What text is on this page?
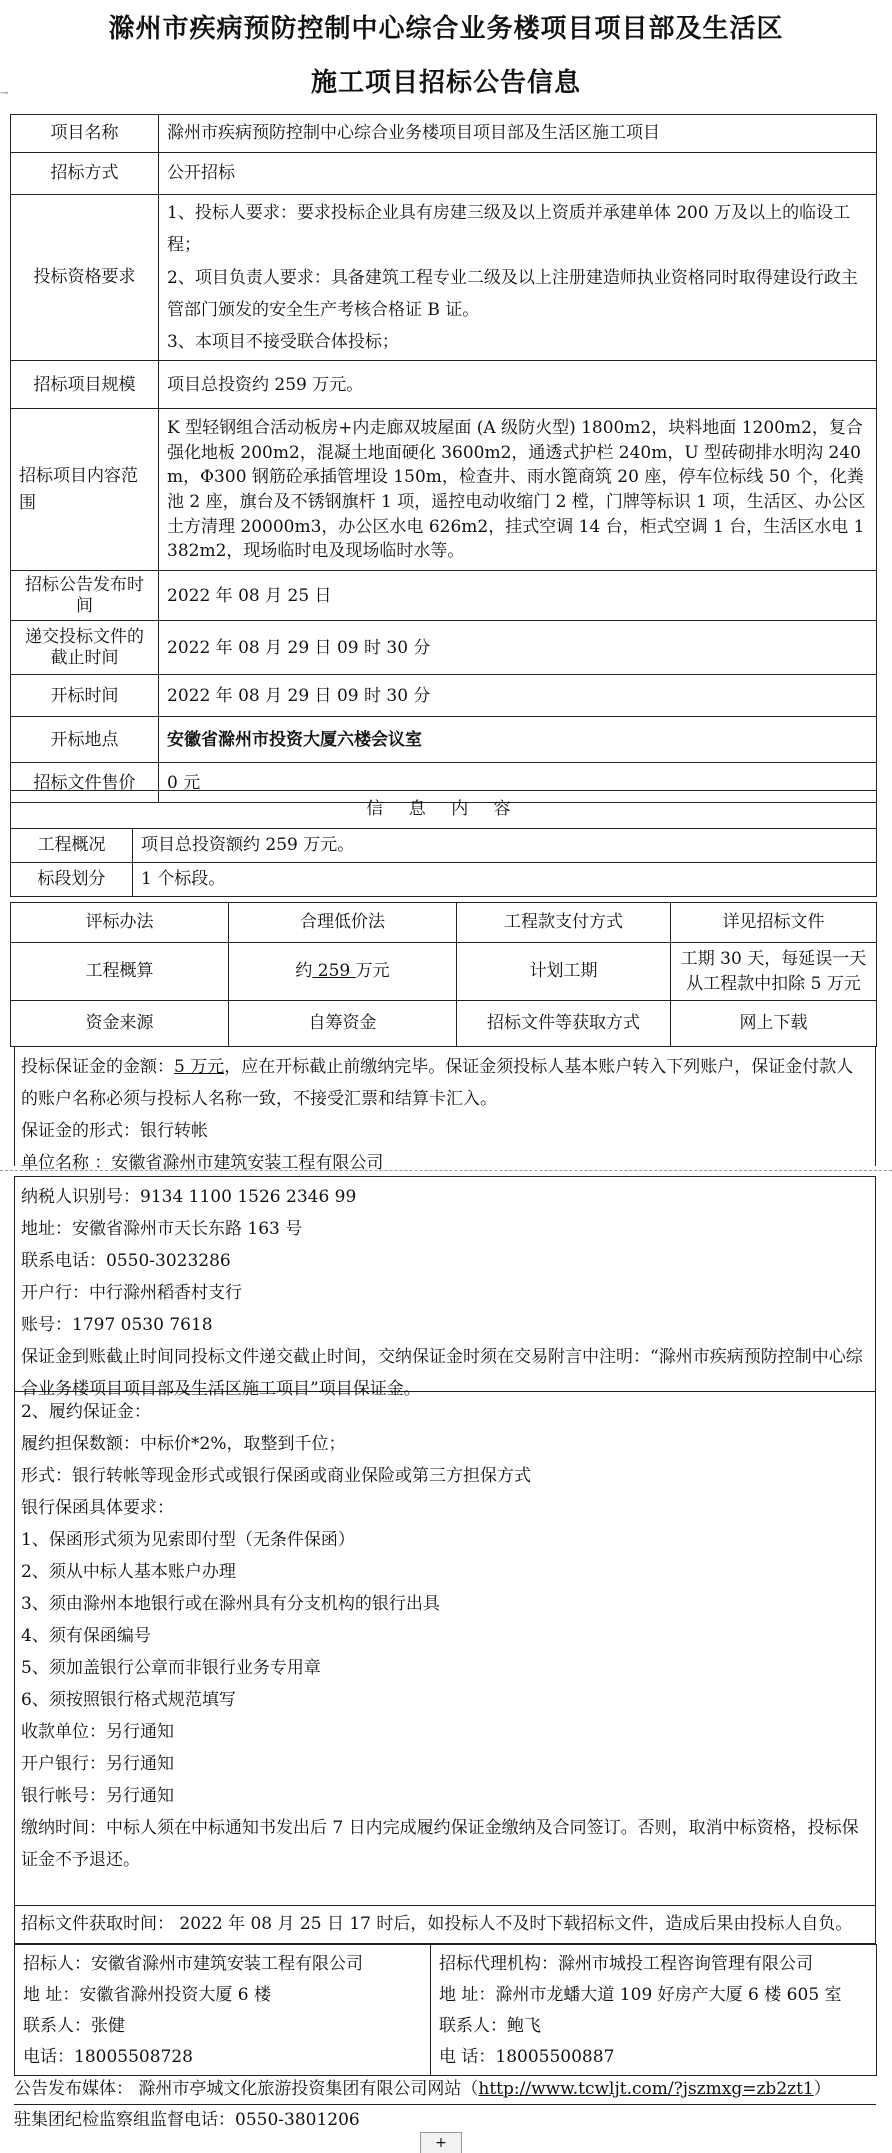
滁州市疾病预防控制中心综合业务楼项目项目部及生活区
施工项目招标公告信息
→
项目名称	滁州市疾病预防控制中心综合业务楼项目项目部及生活区施工项目
招标方式	公开招标
投标资格要求	1、投标人要求：要求投标企业具有房建三级及以上资质并承建单体 200 万及以上的临设工程；
2、项目负责人要求：具备建筑工程专业二级及以上注册建造师执业资格同时取得建设行政主管部门颁发的安全生产考核合格证 B 证。
3、本项目不接受联合体投标；

招标项目规模	项目总投资约 259 万元。
招标项目内容范围	K 型轻钢组合活动板房+内走廊双坡屋面 (A 级防火型) 1800m2，块料地面 1200m2，复合强化地板 200m2，混凝土地面硬化 3600m2，通透式护栏 240m，U 型砖砌排水明沟 240m，Φ300 钢筋砼承插管埋设 150m，检查井、雨水篦商筑 20 座，停车位标线 50 个，化粪池 2 座，旗台及不锈钢旗杆 1 项，遥控电动收缩门 2 樘，门牌等标识 1 项，生活区、办公区土方清理 20000m3，办公区水电 626m2，挂式空调 14 台，柜式空调 1 台，生活区水电 1382m2，现场临时电及现场临时水等。
招标公告发布时间	2022 年 08 月 25 日
递交投标文件的截止时间	2022 年 08 月 29 日 09 时 30 分
开标时间	2022 年 08 月 29 日 09 时 30 分
开标地点	安徽省滁州市投资大厦六楼会议室
招标文件售价	0 元
信 息 内 容	
工程概况	项目总投资额约 259 万元。
标段划分	1 个标段。
评标办法	合理低价法	工程款支付方式	详见招标文件
工程概算	约 259 万元	计划工期	工期 30 天，每延误一天从工程款中扣除 5 万元
资金来源	自筹资金	招标文件等获取方式	网上下载
投标保证金的金额：5 万元，应在开标截止前缴纳完毕。保证金须投标人基本账户转入下列账户，保证金付款人的账户名称必须与投标人名称一致，不接受汇票和结算卡汇入。
保证金的形式：银行转帐
单位名称 ：安徽省滁州市建筑安装工程有限公司
纳税人识别号：9134 1100 1526 2346 99
地址：安徽省滁州市天长东路 163 号
联系电话：0550-3023286
开户行：中行滁州稻香村支行
账号：1797 0530 7618
保证金到账截止时间同投标文件递交截止时间，交纳保证金时须在交易附言中注明：“滁州市疾病预防控制中心综合业务楼项目项目部及生活区施工项目”项目保证金。
2、履约保证金：
履约担保数额：中标价*2%，取整到千位；
形式：银行转帐等现金形式或银行保函或商业保险或第三方担保方式
银行保函具体要求：
1、保函形式须为见索即付型（无条件保函）
2、须从中标人基本账户办理
3、须由滁州本地银行或在滁州具有分支机构的银行出具
4、须有保函编号
5、须加盖银行公章而非银行业务专用章
6、须按照银行格式规范填写
收款单位：另行通知
开户银行：另行通知
银行帐号：另行通知
缴纳时间：中标人须在中标通知书发出后 7 日内完成履约保证金缴纳及合同签订。否则，取消中标资格，投标保证金不予退还。
招标文件获取时间： 2022 年 08 月 25 日 17 时后，如投标人不及时下载招标文件，造成后果由投标人自负。
招标人：安徽省滁州市建筑安装工程有限公司
地 址：安徽省滁州投资大厦 6 楼
联系人：张健
电话：18005508728

招标代理机构：滁州市城投工程咨询管理有限公司
地 址：滁州市龙蟠大道 109 好房产大厦 6 楼 605 室
联系人：鲍飞
电 话：18005500887
公告发布媒体： 滁州市亭城文化旅游投资集团有限公司网站（http://www.tcwljt.com/?jszmxg=zb2zt1）
驻集团纪检监察组监督电话：0550-3801206
+
